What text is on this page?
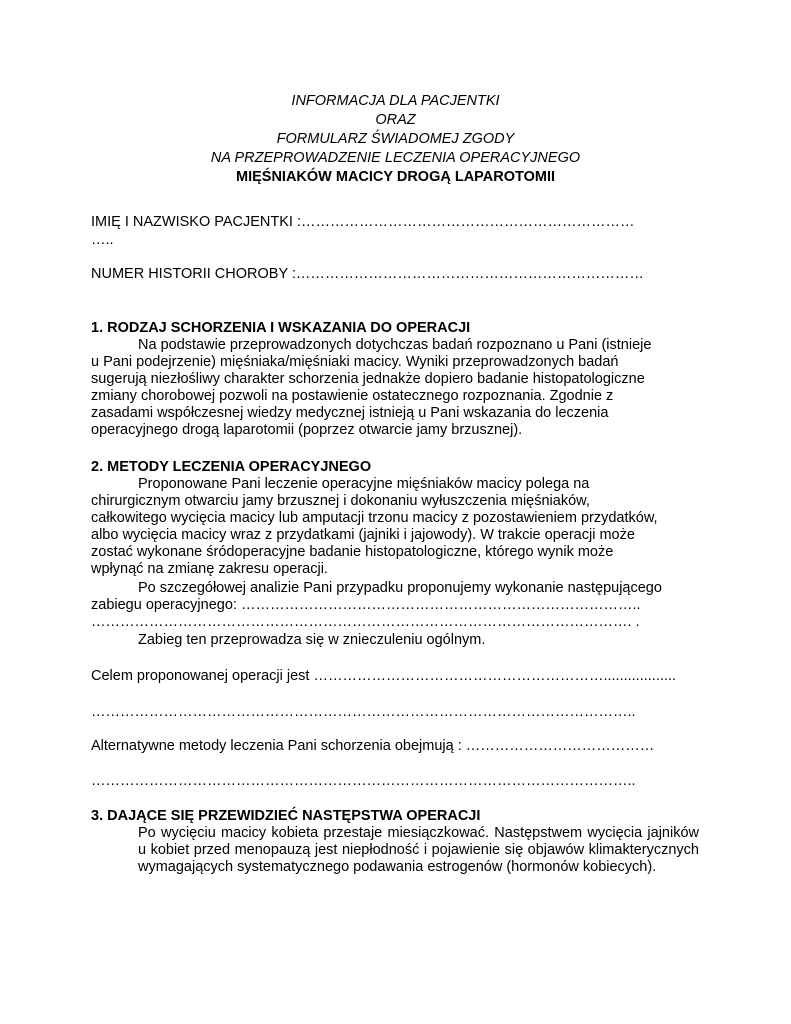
INFORMACJA DLA PACJENTKI
ORAZ
FORMULARZ ŚWIADOMEJ ZGODY
NA PRZEPROWADZENIE LECZENIA OPERACYJNEGO
MIĘŚNIAKÓW MACICY DROGĄ LAPAROTOMII
IMIĘ I NAZWISKO PACJENTKI :……………………………………………………………
…..
NUMER HISTORII CHOROBY :………………………………………………………………
1. RODZAJ SCHORZENIA I WSKAZANIA DO OPERACJI
Na podstawie przeprowadzonych dotychczas badań rozpoznano u Pani (istnieje
u Pani podejrzenie) mięśniaka/mięśniaki macicy. Wyniki przeprowadzonych badań
sugerują niezłośliwy charakter schorzenia jednakże dopiero badanie histopatologiczne
zmiany chorobowej pozwoli na postawienie ostatecznego rozpoznania. Zgodnie z
zasadami współczesnej wiedzy medycznej istnieją u Pani wskazania do leczenia
operacyjnego drogą laparotomii (poprzez otwarcie jamy brzusznej).
2. METODY LECZENIA OPERACYJNEGO
Proponowane Pani leczenie operacyjne mięśniaków macicy polega na
chirurgicznym otwarciu jamy brzusznej i dokonaniu wyłuszczenia mięśniaków,
całkowitego wycięcia macicy lub amputacji trzonu macicy z pozostawieniem przydatków,
albo wycięcia macicy wraz z przydatkami (jajniki i jajowody). W trakcie operacji może
zostać wykonane śródoperacyjne badanie histopatologiczne, którego wynik może
wpłynąć na zmianę zakresu operacji.
Po szczegółowej analizie Pani przypadku proponujemy wykonanie następującego
zabiegu operacyjnego: ………………………………………………………………………..
…………………………………………………………………………………………………. .
Zabieg ten przeprowadza się w znieczuleniu ogólnym.
Celem proponowanej operacji jest ……………………………………………………..................
…………………………………………………………………………………………………..
Alternatywne metody leczenia Pani schorzenia obejmują : …………………………………
…………………………………………………………………………………………………..
3. DAJĄCE SIĘ PRZEWIDZIEĆ NASTĘPSTWA OPERACJI
Po wycięciu macicy kobieta przestaje miesiączkować. Następstwem wycięcia jajników u kobiet przed menopauzą jest niepłodność i pojawienie się objawów klimakterycznych wymagających systematycznego podawania estrogenów (hormonów kobiecych).
